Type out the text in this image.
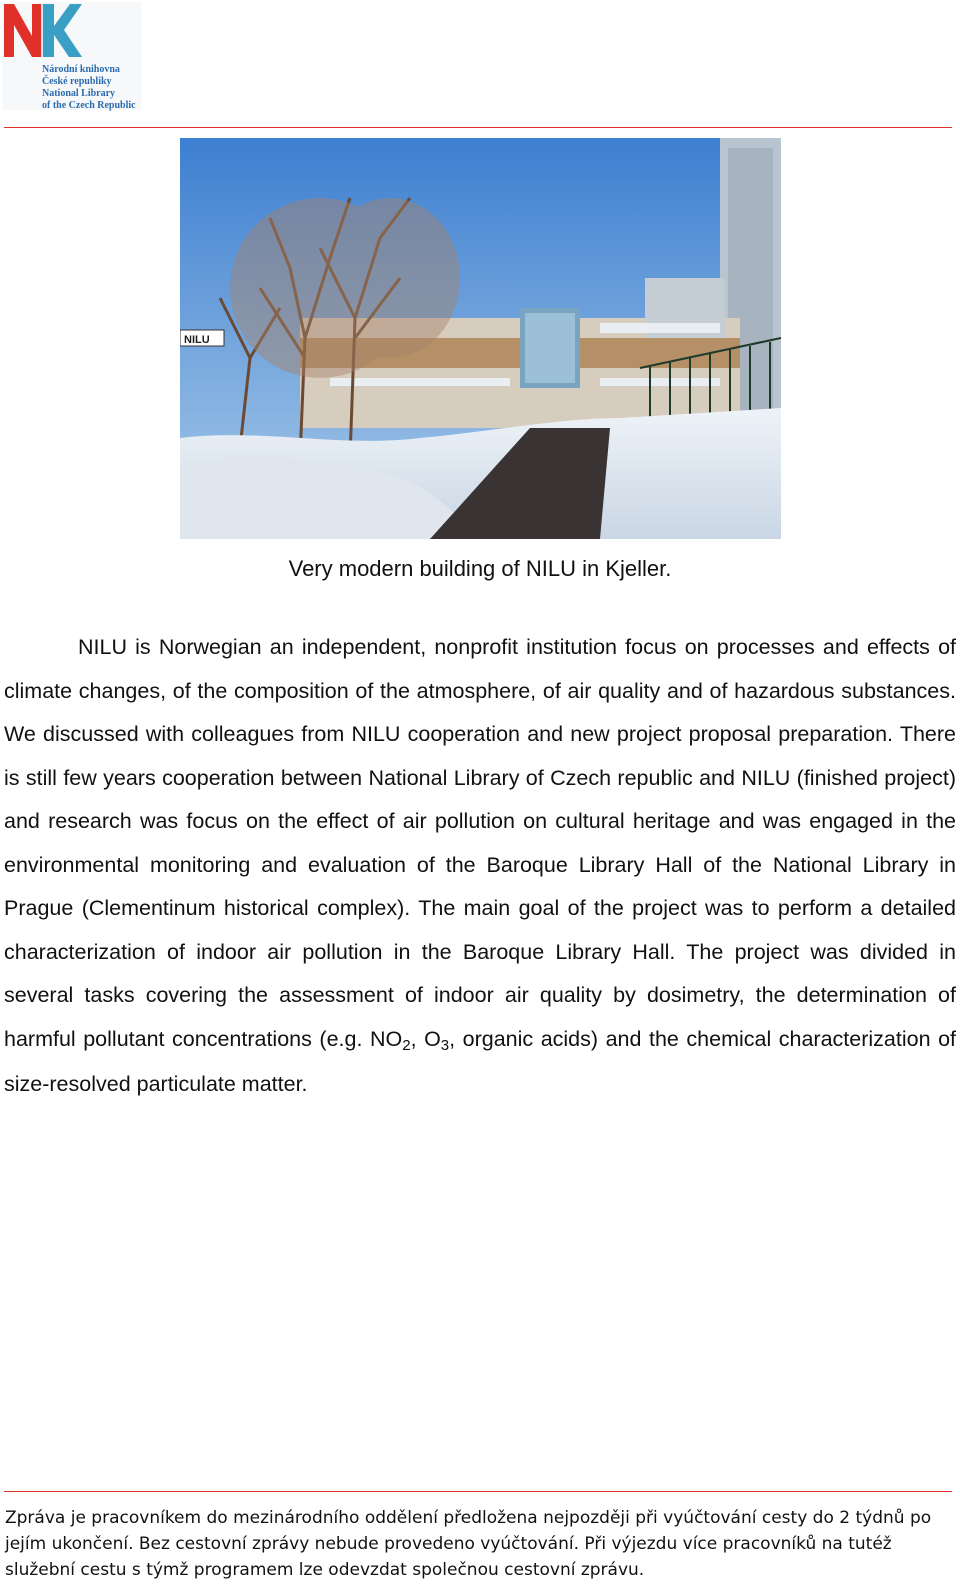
Národní knihovna
České republiky
National Library
of the Czech Republic
NILU
Very modern building of NILU in Kjeller.

NILU is Norwegian an independent, nonprofit institution focus on processes and effects of climate changes, of the composition of the atmosphere, of air quality and of hazardous substances. We discussed with colleagues from NILU cooperation and new project proposal preparation. There is still few years cooperation between National Library of Czech republic and NILU (finished project) and research was focus on the effect of air pollution on cultural heritage and was engaged in the environmental monitoring and evaluation of the Baroque Library Hall of the National Library in Prague (Clementinum historical complex). The main goal of the project was to perform a detailed characterization of indoor air pollution in the Baroque Library Hall. The project was divided in several tasks covering the assessment of indoor air quality by dosimetry, the determination of harmful pollutant concentrations (e.g. $NO_2$, $O_3$, organic acids) and the chemical characterization of size-resolved particulate matter.

Zpráva je pracovníkem do mezinárodního oddělení předložena nejpozději při vyúčtování cesty do 2 týdnů po jejím ukončení. Bez cestovní zprávy nebude provedeno vyúčtování. Při výjezdu více pracovníků na tutéž služební cestu s týmž programem lze odevzdat společnou cestovní zprávu.
